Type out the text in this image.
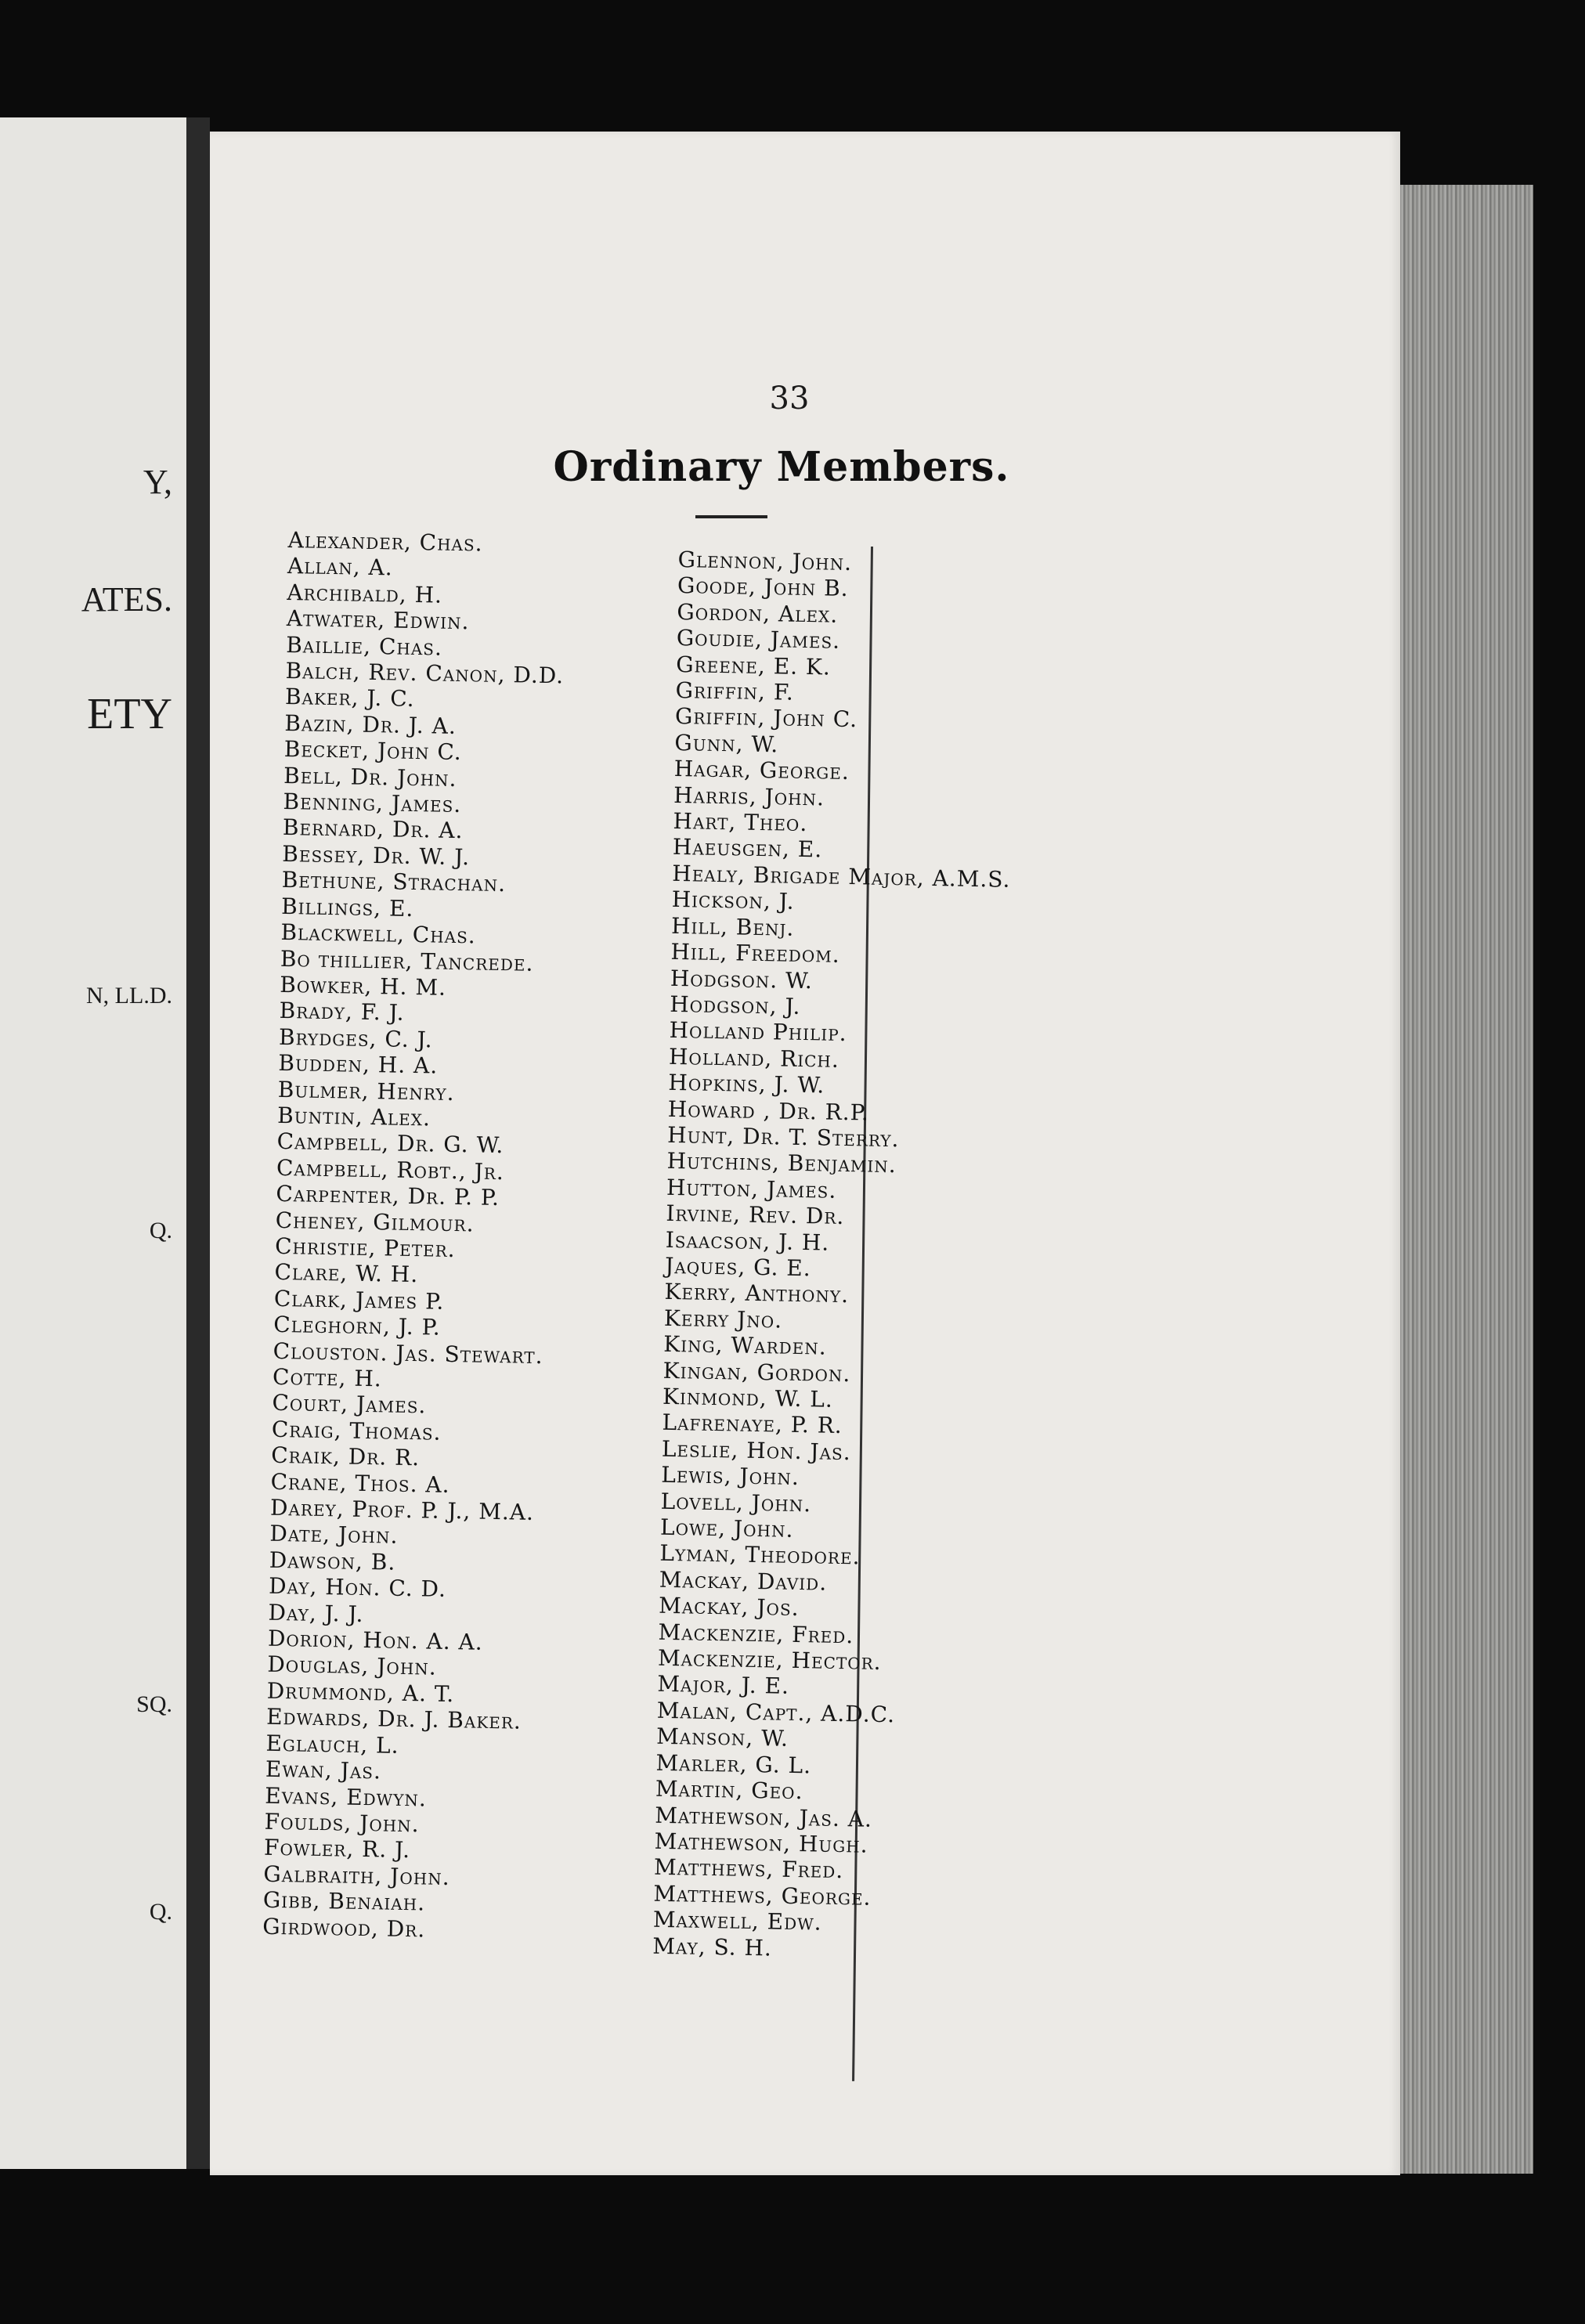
Y,
ATES.
ETY
N, LL.D.
Q.
SQ.
Q.
33
Ordinary Members.
Alexander, Chas.
Allan, A.
Archibald, H.
Atwater, Edwin.
Baillie, Chas.
Balch, Rev. Canon, D.D.
Baker, J. C.
Bazin, Dr. J. A.
Becket, John C.
Bell, Dr. John.
Benning, James.
Bernard, Dr. A.
Bessey, Dr. W. J.
Bethune, Strachan.
Billings, E.
Blackwell, Chas.
Bo thillier, Tancrede.
Bowker, H. M.
Brady, F. J.
Brydges, C. J.
Budden, H. A.
Bulmer, Henry.
Buntin, Alex.
Campbell, Dr. G. W.
Campbell, Robt., Jr.
Carpenter, Dr. P. P.
Cheney, Gilmour.
Christie, Peter.
Clare, W. H.
Clark, James P.
Cleghorn, J. P.
Clouston. Jas. Stewart.
Cotte, H.
Court, James.
Craig, Thomas.
Craik, Dr. R.
Crane, Thos. A.
Darey, Prof. P. J., M.A.
Date, John.
Dawson, B.
Day, Hon. C. D.
Day, J. J.
Dorion, Hon. A. A.
Douglas, John.
Drummond, A. T.
Edwards, Dr. J. Baker.
Eglauch, L.
Ewan, Jas.
Evans, Edwyn.
Foulds, John.
Fowler, R. J.
Galbraith, John.
Gibb, Benaiah.
Girdwood, Dr.
Glennon, John.
Goode, John B.
Gordon, Alex.
Goudie, James.
Greene, E. K.
Griffin, F.
Griffin, John C.
Gunn, W.
Hagar, George.
Harris, John.
Hart, Theo.
Haeusgen, E.
Healy, Brigade Major, A.M.S.
Hickson, J.
Hill, Benj.
Hill, Freedom.
Hodgson. W.
Hodgson, J.
Holland Philip.
Holland, Rich.
Hopkins, J. W.
Howard , Dr. R.P.
Hunt, Dr. T. Sterry.
Hutchins, Benjamin.
Hutton, James.
Irvine, Rev. Dr.
Isaacson, J. H.
Jaques, G. E.
Kerry, Anthony.
Kerry Jno.
King, Warden.
Kingan, Gordon.
Kinmond, W. L.
Lafrenaye, P. R.
Leslie, Hon. Jas.
Lewis, John.
Lovell, John.
Lowe, John.
Lyman, Theodore.
Mackay, David.
Mackay, Jos.
Mackenzie, Fred.
Mackenzie, Hector.
Major, J. E.
Malan, Capt., A.D.C.
Manson, W.
Marler, G. L.
Martin, Geo.
Mathewson, Jas. A.
Mathewson, Hugh.
Matthews, Fred.
Matthews, George.
Maxwell, Edw.
May, S. H.
